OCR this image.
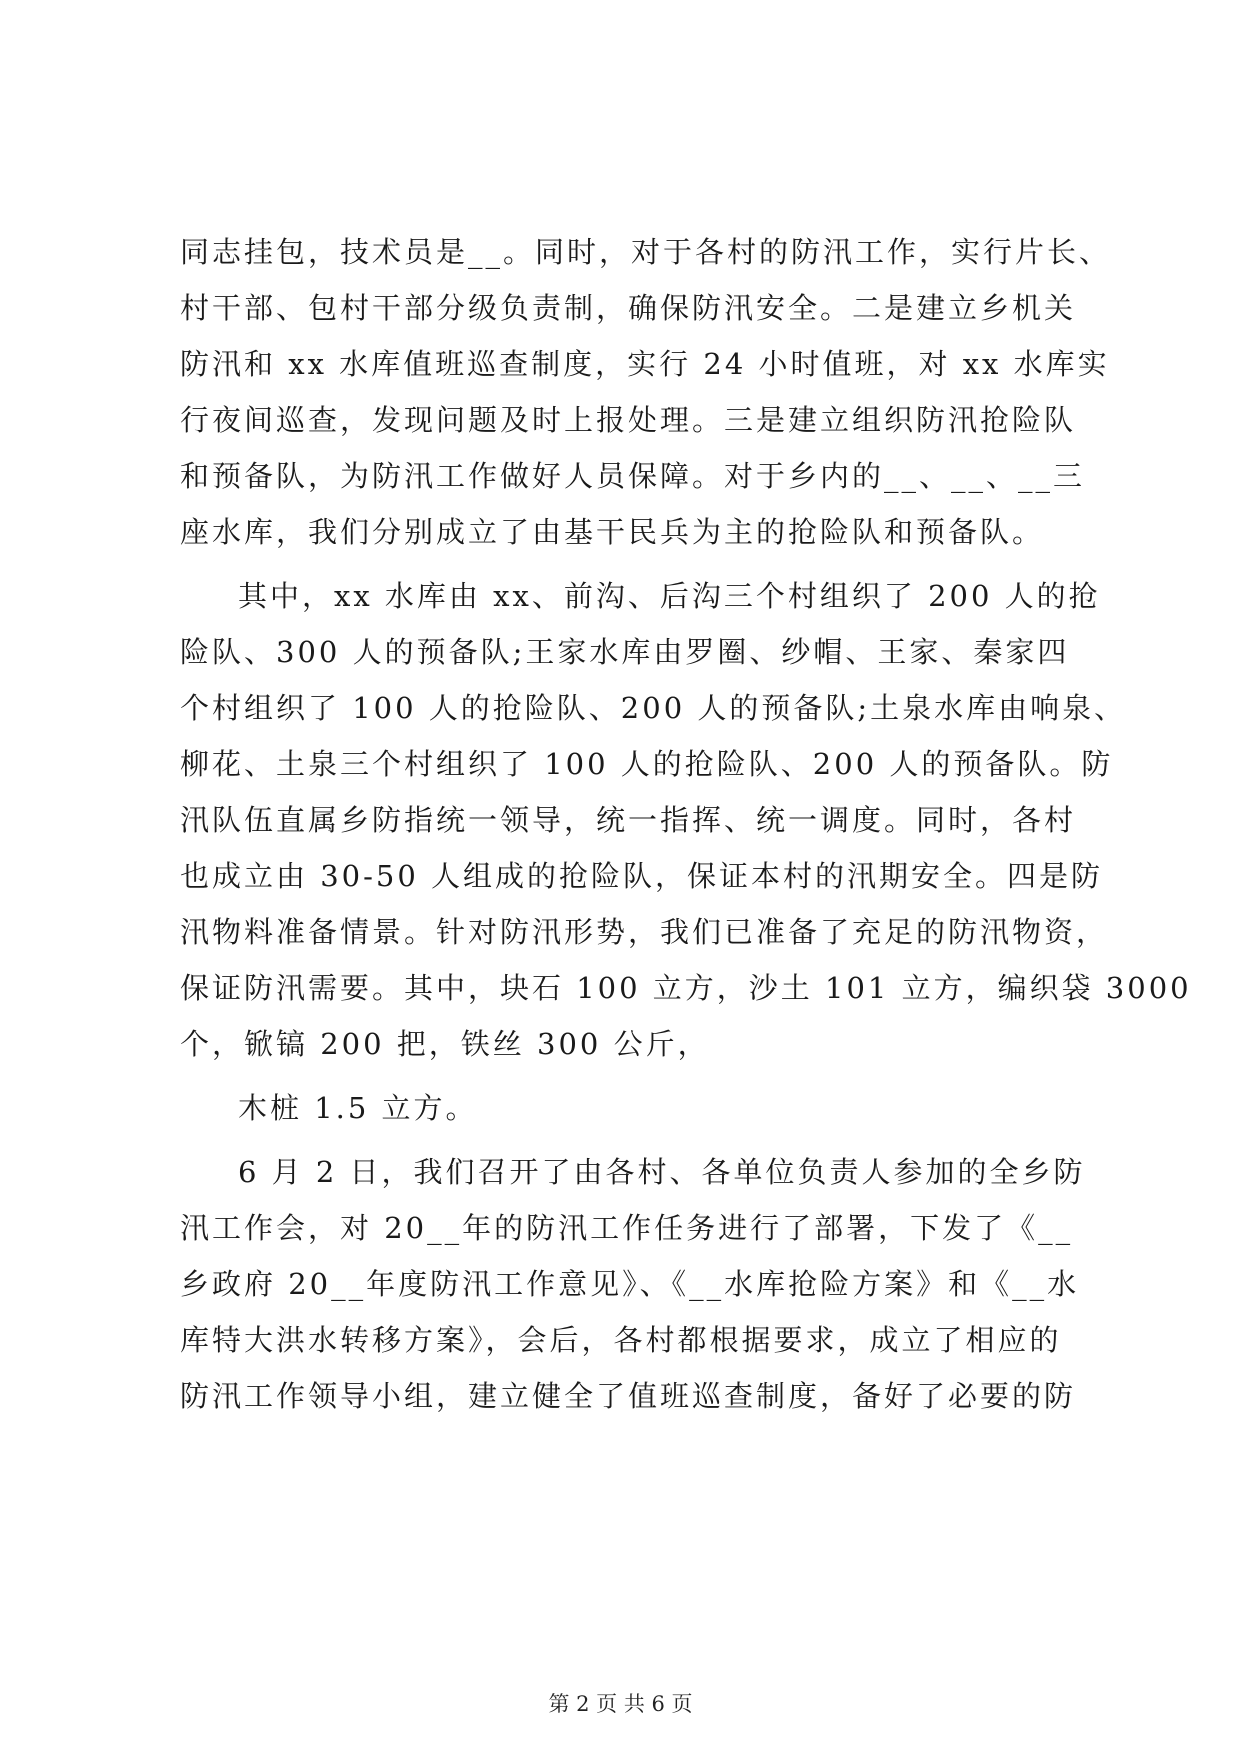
同志挂包，技术员是__。同时，对于各村的防汛工作，实行片长、
村干部、包村干部分级负责制，确保防汛安全。二是建立乡机关
防汛和 xx 水库值班巡查制度，实行 24 小时值班，对 xx 水库实
行夜间巡查，发现问题及时上报处理。三是建立组织防汛抢险队
和预备队，为防汛工作做好人员保障。对于乡内的__、__、__三
座水库，我们分别成立了由基干民兵为主的抢险队和预备队。
其中，xx 水库由 xx、前沟、后沟三个村组织了 200 人的抢
险队、300 人的预备队;王家水库由罗圈、纱帽、王家、秦家四
个村组织了 100 人的抢险队、200 人的预备队;土泉水库由响泉、
柳花、土泉三个村组织了 100 人的抢险队、200 人的预备队。防
汛队伍直属乡防指统一领导，统一指挥、统一调度。同时，各村
也成立由 30-50 人组成的抢险队，保证本村的汛期安全。四是防
汛物料准备情景。针对防汛形势，我们已准备了充足的防汛物资，
保证防汛需要。其中，块石 100 立方，沙土 101 立方，编织袋 3000
个，锨镐 200 把，铁丝 300 公斤，
木桩 1.5 立方。
6 月 2 日，我们召开了由各村、各单位负责人参加的全乡防
汛工作会，对 20__年的防汛工作任务进行了部署，下发了《__
乡政府 20__年度防汛工作意见》、《__水库抢险方案》和《__水
库特大洪水转移方案》，会后，各村都根据要求，成立了相应的
防汛工作领导小组，建立健全了值班巡查制度，备好了必要的防
第 2 页 共 6 页
